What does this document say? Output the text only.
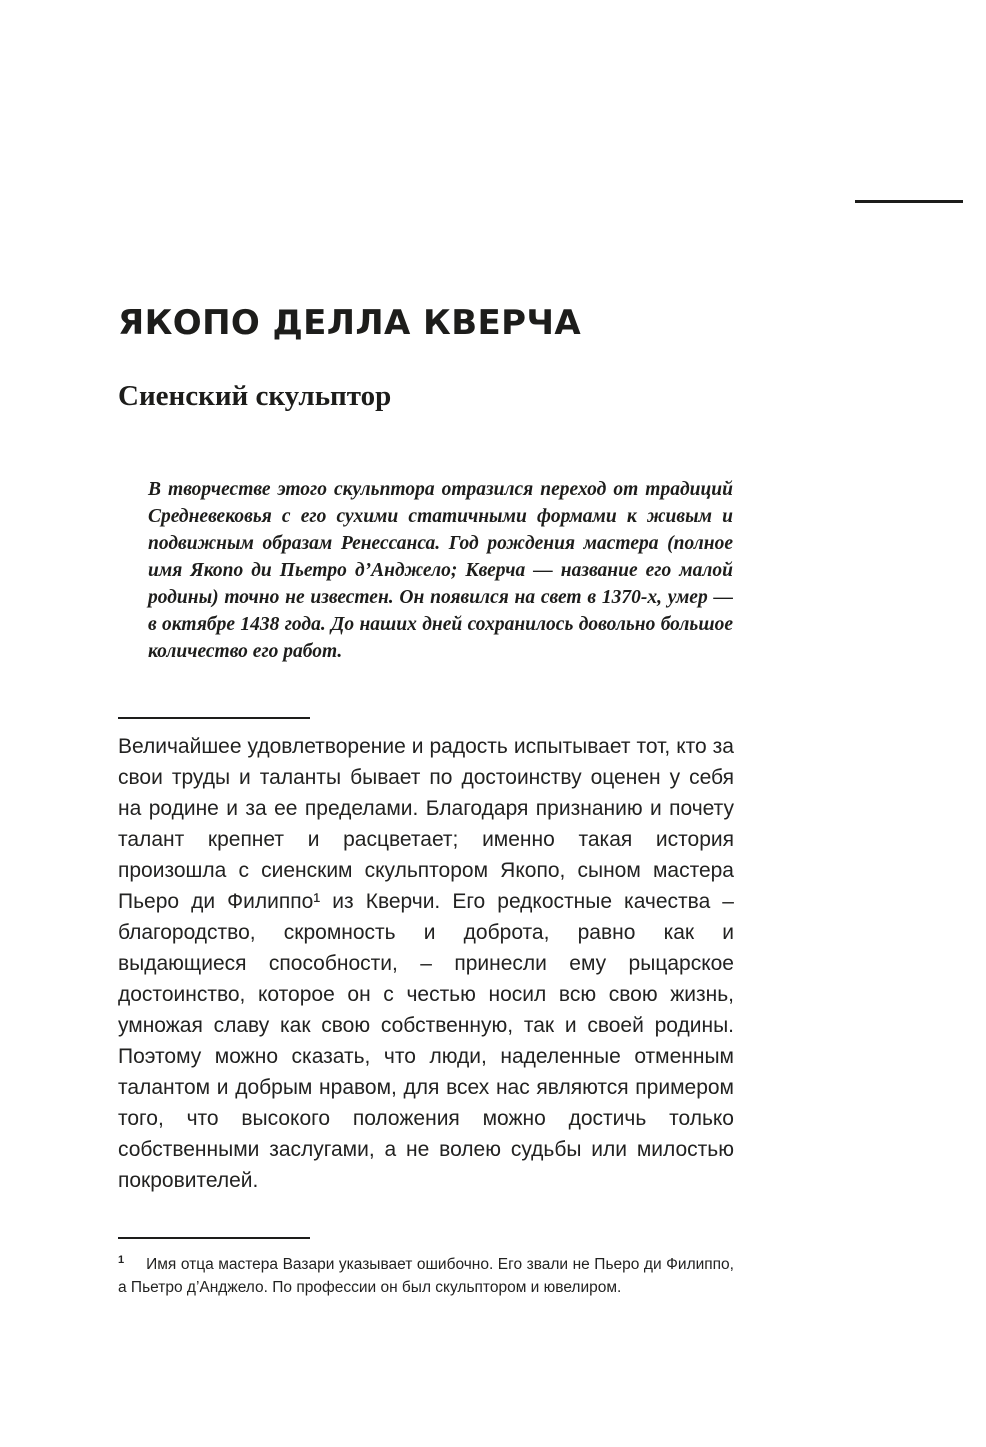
ЯКОПО ДЕЛЛА КВЕРЧА
Сиенский скульптор

В творчестве этого скульптора отразился переход от традиций Средневековья с его сухими статичными формами к живым и подвижным образам Ренессанса. Год рождения мастера (полное имя Якопо ди Пьетро д’Анджело; Кверча — название его малой родины) точно не известен. Он появился на свет в 1370-х, умер — в октябре 1438 года. До наших дней сохранилось довольно большое количество его работ.

Величайшее удовлетворение и радость испытывает тот, кто за свои труды и таланты бывает по достоинству оценен у себя на родине и за ее пределами. Благодаря признанию и почету талант крепнет и расцветает; именно такая история произошла с сиенским скульптором Якопо, сыном мастера Пьеро ди Филиппо¹ из Кверчи. Его редкостные качества – благородство, скромность и доброта, равно как и выдающиеся способности, – принесли ему рыцарское достоинство, которое он с честью носил всю свою жизнь, умножая славу как свою собственную, так и своей родины. Поэтому можно сказать, что люди, наделенные отменным талантом и добрым нравом, для всех нас являются примером того, что высокого положения можно достичь только собственными заслугами, а не волею судьбы или милостью покровителей.

$^1$ Имя отца мастера Вазари указывает ошибочно. Его звали не Пьеро ди Филиппо, а Пьетро д’Анджело. По профессии он был скульптором и ювелиром.
